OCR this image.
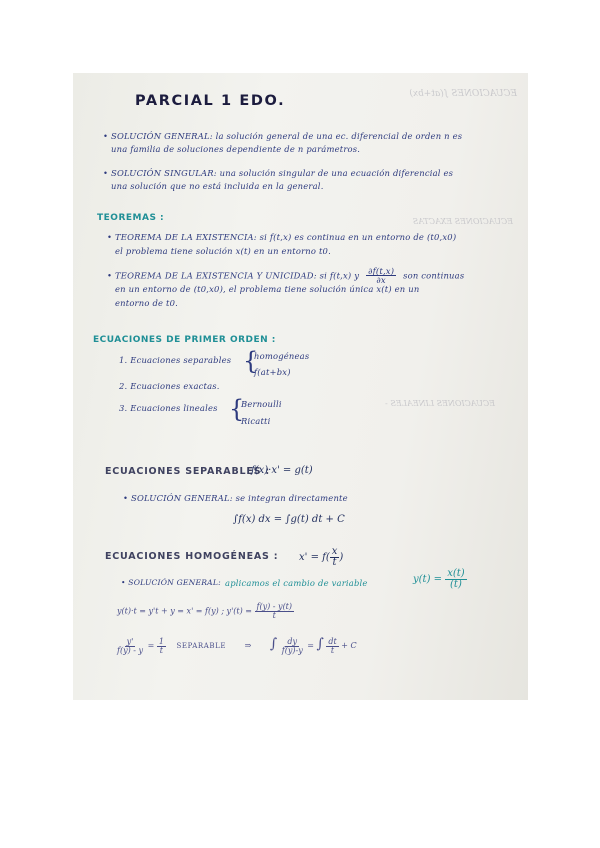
ECUACIONES ∫(at+bx)
ECUACIONES EXACTAS
ECUACIONES LINEALES -
PARCIAL 1 EDO.
• SOLUCIÓN GENERAL: la solución general de una ec. diferencial de orden n es
una familia de soluciones dependiente de n parámetros.
• SOLUCIÓN SINGULAR: una solución singular de una ecuación diferencial es
una solución que no está incluida en la general.
TEOREMAS :
• TEOREMA DE LA EXISTENCIA: si f(t,x) es continua en un entorno de (t0,x0)
el problema tiene solución x(t) en un entorno t0.
• TEOREMA DE LA EXISTENCIA Y UNICIDAD: si f(t,x) y $\frac{\partial f(t,x)}{\partial x}$ son continuas
en un entorno de (t0,x0), el problema tiene solución única x(t) en un
entorno de t0.
ECUACIONES DE PRIMER ORDEN :
1. Ecuaciones separables {
homogéneas
f(at+bx)
2. Ecuaciones exactas.
3. Ecuaciones lineales {
Bernoulli
Ricatti
ECUACIONES SEPARABLES :
f(x)·x' = g(t)
• SOLUCIÓN GENERAL: se integran directamente
∫f(x) dx = ∫g(t) dt + C
ECUACIONES HOMOGÉNEAS : $x' = f( \frac{x}{t}$ )
• SOLUCIÓN GENERAL: aplicamos el cambio de variable	$y(t) = \frac{x(t)}{(t)}$
y(t)·t = y't + y = x' = f(y) ; $y'(t) = \frac{f(y) - y(t)}{t}$
$\frac{y'}{f(y) - y} = \frac{1}{t}$ SEPARABLE ⇒ ∫ $\frac{dy}{f(y)-y}$ = ∫ $\frac{dt}{t} + C$
